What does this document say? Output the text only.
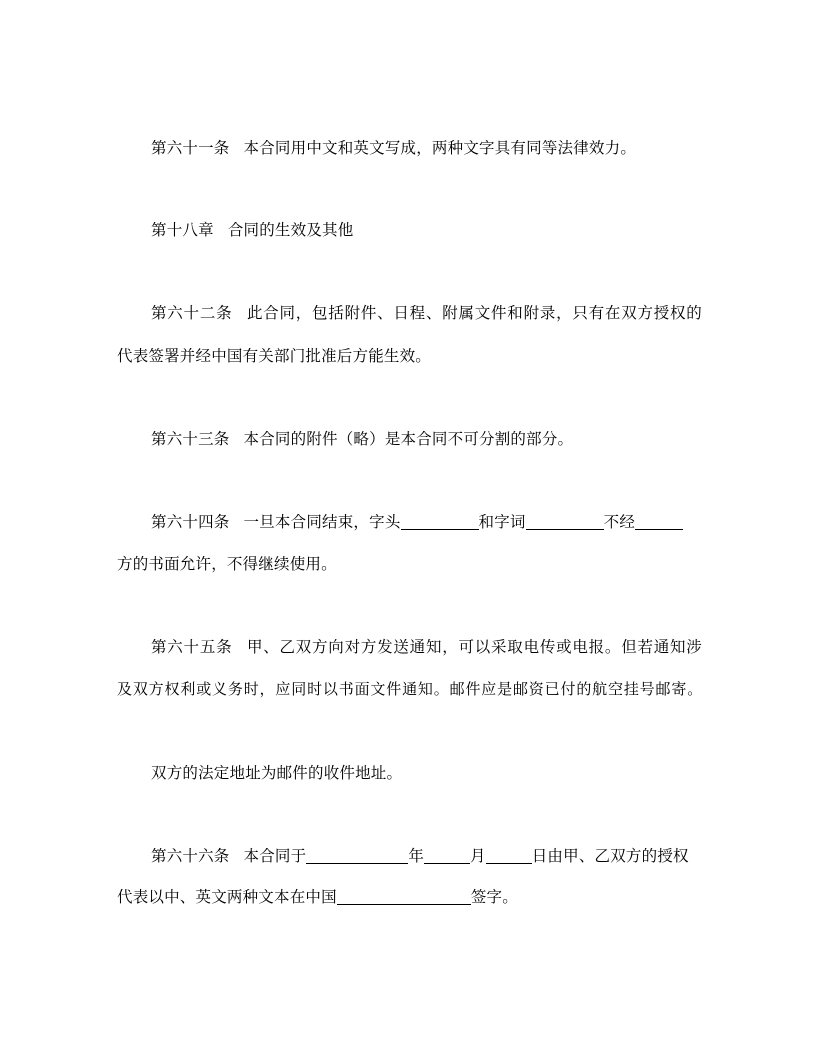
第六十一条 本合同用中文和英文写成，两种文字具有同等法律效力。
第十八章 合同的生效及其他
第六十二条 此合同，包括附件、日程、附属文件和附录，只有在双方授权的
代表签署并经中国有关部门批准后方能生效。
第六十三条 本合同的附件（略）是本合同不可分割的部分。
第六十四条 一旦本合同结束，字头	和字词	不经
方的书面允许，不得继续使用。
第六十五条 甲、乙双方向对方发送通知，可以采取电传或电报。但若通知涉
及双方权利或义务时，应同时以书面文件通知。邮件应是邮资已付的航空挂号邮寄。
双方的法定地址为邮件的收件地址。
第六十六条 本合同于	年	月	日由甲、乙双方的授权
代表以中、英文两种文本在中国	签字。
